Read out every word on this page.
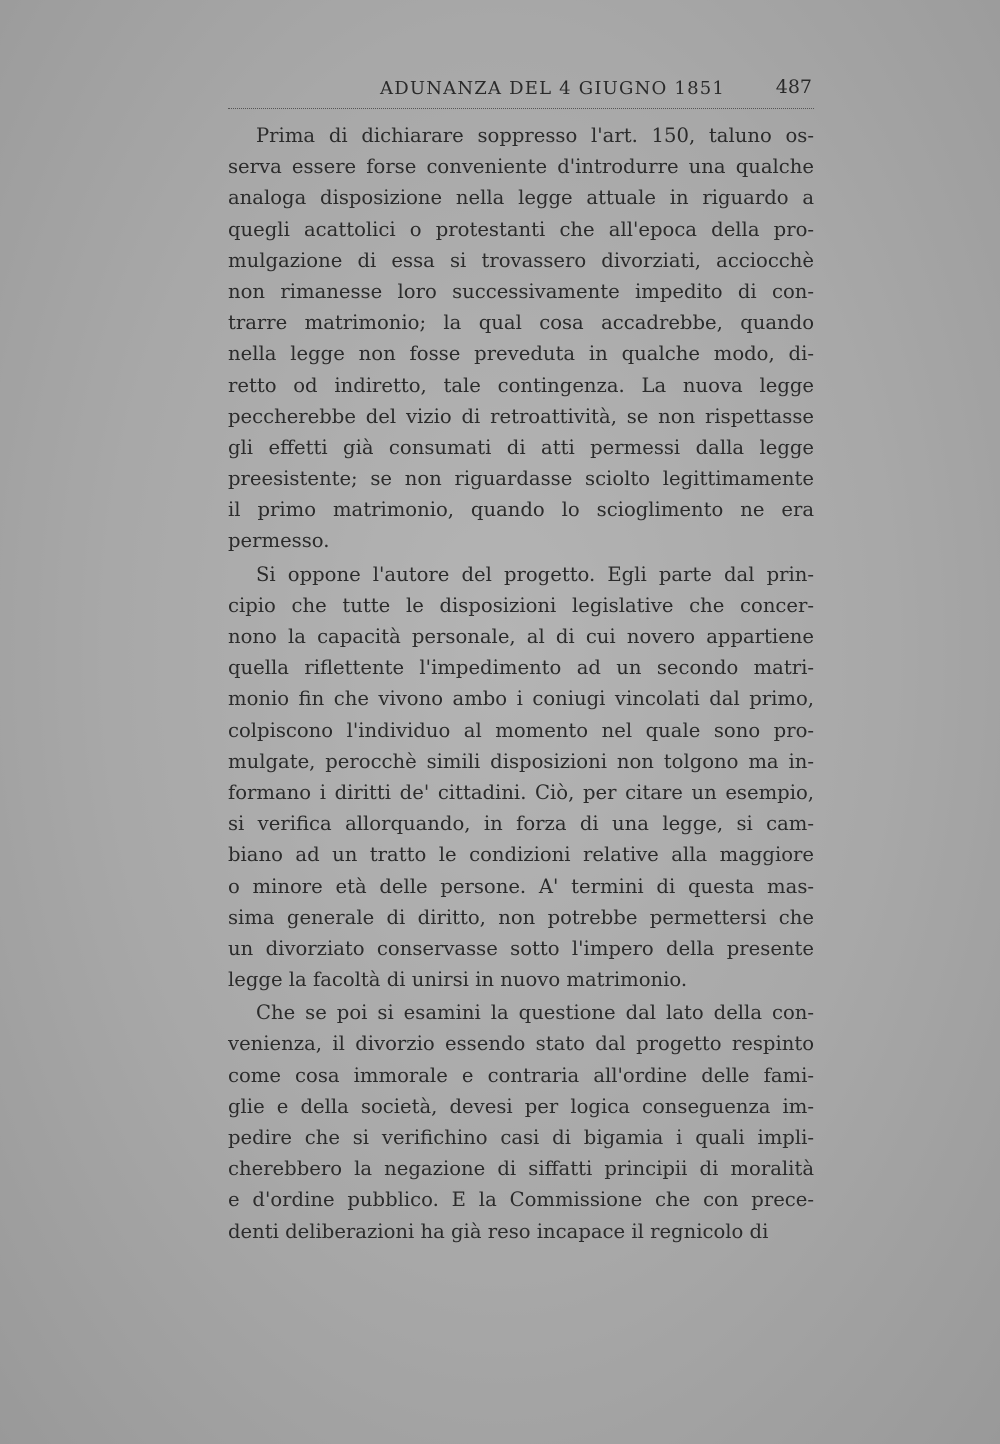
ADUNANZA DEL 4 GIUGNO 1851	487
Prima di dichiarare soppresso l'art. 150, taluno os-
serva essere forse conveniente d'introdurre una qualche
analoga disposizione nella legge attuale in riguardo a
quegli acattolici o protestanti che all'epoca della pro-
mulgazione di essa si trovassero divorziati, acciocchè
non rimanesse loro successivamente impedito di con-
trarre matrimonio; la qual cosa accadrebbe, quando
nella legge non fosse preveduta in qualche modo, di-
retto od indiretto, tale contingenza. La nuova legge
peccherebbe del vizio di retroattività, se non rispettasse
gli effetti già consumati di atti permessi dalla legge
preesistente; se non riguardasse sciolto legittimamente
il primo matrimonio, quando lo scioglimento ne era
permesso.
Si oppone l'autore del progetto. Egli parte dal prin-
cipio che tutte le disposizioni legislative che concer-
nono la capacità personale, al di cui novero appartiene
quella riflettente l'impedimento ad un secondo matri-
monio fin che vivono ambo i coniugi vincolati dal primo,
colpiscono l'individuo al momento nel quale sono pro-
mulgate, perocchè simili disposizioni non tolgono ma in-
formano i diritti de' cittadini. Ciò, per citare un esempio,
si verifica allorquando, in forza di una legge, si cam-
biano ad un tratto le condizioni relative alla maggiore
o minore età delle persone. A' termini di questa mas-
sima generale di diritto, non potrebbe permettersi che
un divorziato conservasse sotto l'impero della presente
legge la facoltà di unirsi in nuovo matrimonio.
Che se poi si esamini la questione dal lato della con-
venienza, il divorzio essendo stato dal progetto respinto
come cosa immorale e contraria all'ordine delle fami-
glie e della società, devesi per logica conseguenza im-
pedire che si verifichino casi di bigamia i quali impli-
cherebbero la negazione di siffatti principii di moralità
e d'ordine pubblico. E la Commissione che con prece-
denti deliberazioni ha già reso incapace il regnicolo di
